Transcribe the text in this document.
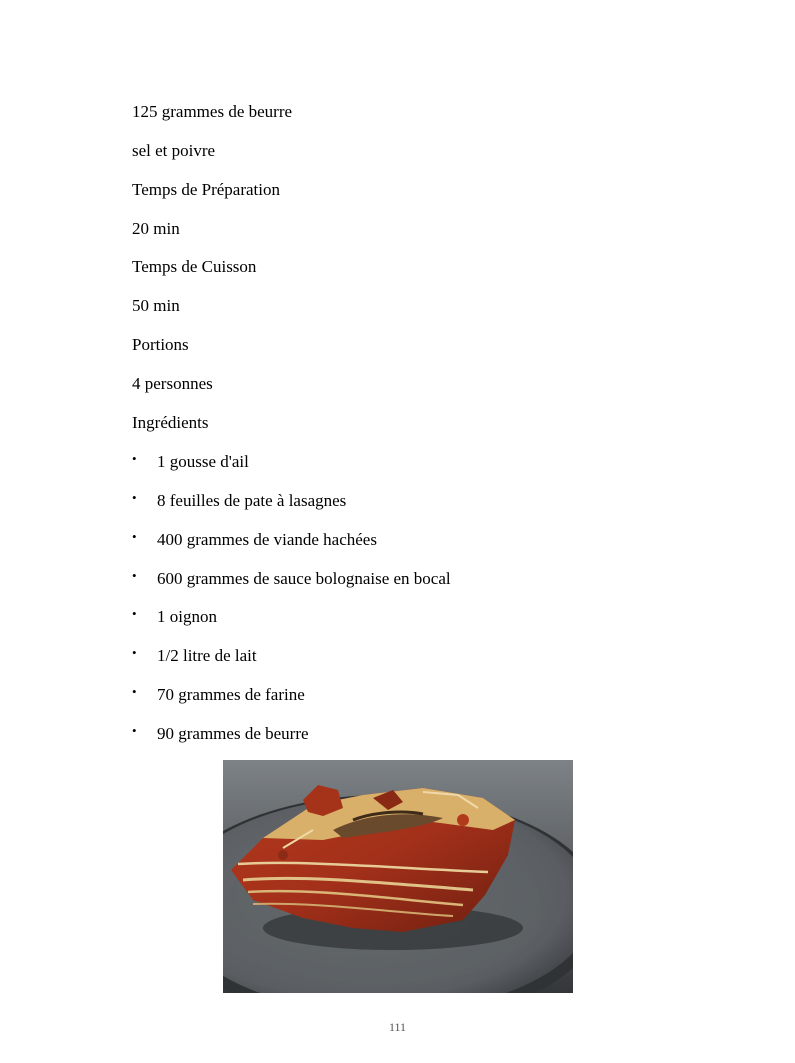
125 grammes de beurre
sel et poivre
Temps de Préparation
20 min
Temps de Cuisson
50 min
Portions
4 personnes
Ingrédients
• 1 gousse d'ail
• 8 feuilles de pate à lasagnes
• 400 grammes de viande hachées
• 600 grammes de sauce bolognaise en bocal
• 1 oignon
• 1/2 litre de lait
• 70 grammes de farine
• 90 grammes de beurre
111
